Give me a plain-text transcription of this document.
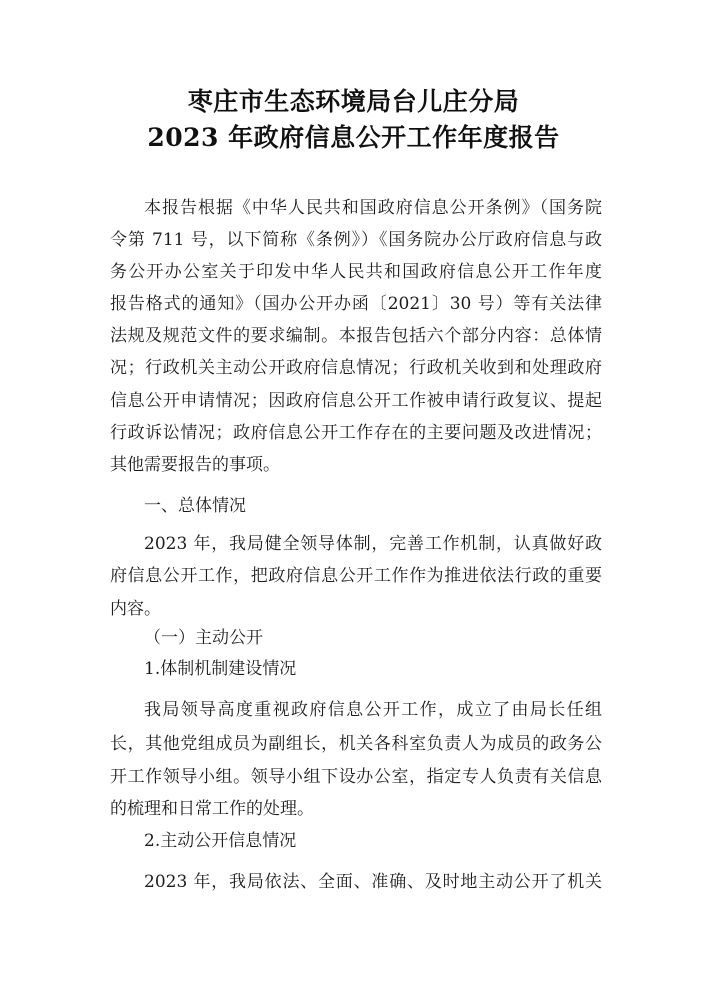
枣庄市生态环境局台儿庄分局
2023 年政府信息公开工作年度报告
本报告根据《中华人民共和国政府信息公开条例》（国务院
令第 711 号，以下简称《条例》）《国务院办公厅政府信息与政
务公开办公室关于印发中华人民共和国政府信息公开工作年度
报告格式的通知》（国办公开办函〔2021〕30 号）等有关法律
法规及规范文件的要求编制。本报告包括六个部分内容：总体情
况；行政机关主动公开政府信息情况；行政机关收到和处理政府
信息公开申请情况；因政府信息公开工作被申请行政复议、提起
行政诉讼情况；政府信息公开工作存在的主要问题及改进情况；
其他需要报告的事项。
一、总体情况
2023 年，我局健全领导体制，完善工作机制，认真做好政
府信息公开工作，把政府信息公开工作作为推进依法行政的重要
内容。
（一）主动公开
1.体制机制建设情况
我局领导高度重视政府信息公开工作，成立了由局长任组
长，其他党组成员为副组长，机关各科室负责人为成员的政务公
开工作领导小组。领导小组下设办公室，指定专人负责有关信息
的梳理和日常工作的处理。
2.主动公开信息情况
2023 年，我局依法、全面、准确、及时地主动公开了机关
